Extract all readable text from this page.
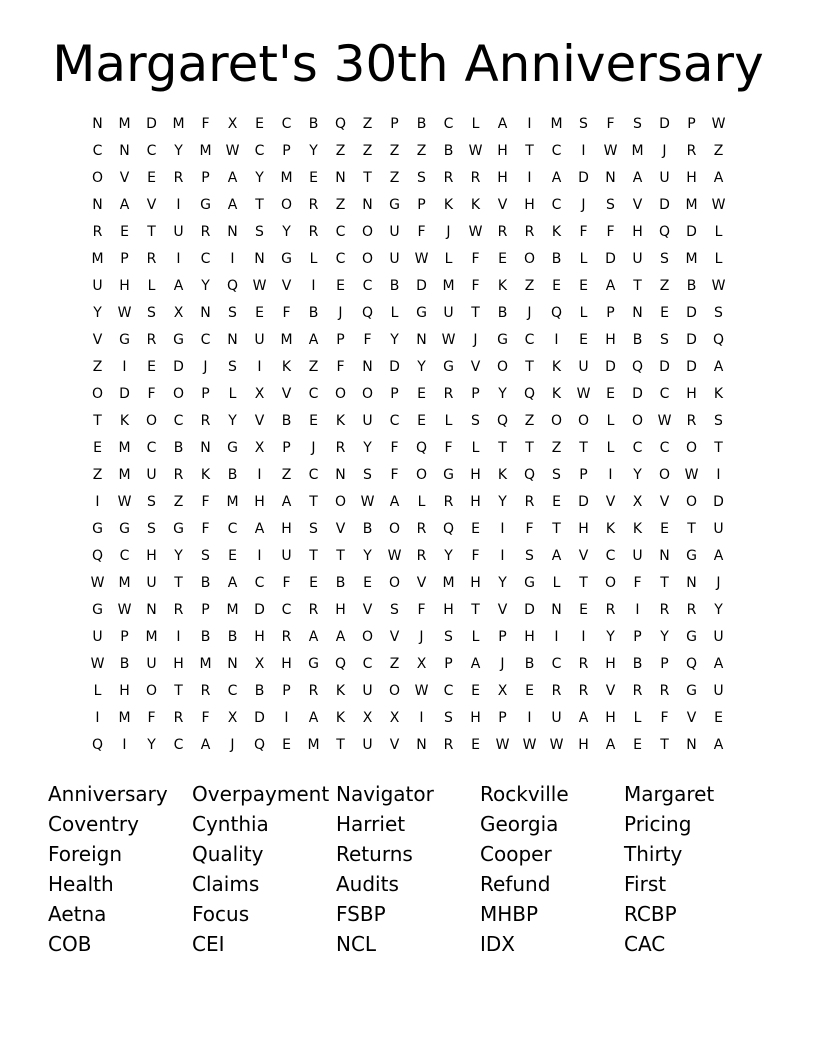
Margaret's 30th Anniversary
N	M	D	M	F	X	E	C	B	Q	Z	P	B	C	L	A	I	M	S	F	S	D	P	W
C	N	C	Y	M	W	C	P	Y	Z	Z	Z	Z	B	W	H	T	C	I	W	M	J	R	Z
O	V	E	R	P	A	Y	M	E	N	T	Z	S	R	R	H	I	A	D	N	A	U	H	A
N	A	V	I	G	A	T	O	R	Z	N	G	P	K	K	V	H	C	J	S	V	D	M	W
R	E	T	U	R	N	S	Y	R	C	O	U	F	J	W	R	R	K	F	F	H	Q	D	L
M	P	R	I	C	I	N	G	L	C	O	U	W	L	F	E	O	B	L	D	U	S	M	L
U	H	L	A	Y	Q	W	V	I	E	C	B	D	M	F	K	Z	E	E	A	T	Z	B	W
Y	W	S	X	N	S	E	F	B	J	Q	L	G	U	T	B	J	Q	L	P	N	E	D	S
V	G	R	G	C	N	U	M	A	P	F	Y	N	W	J	G	C	I	E	H	B	S	D	Q
Z	I	E	D	J	S	I	K	Z	F	N	D	Y	G	V	O	T	K	U	D	Q	D	D	A
O	D	F	O	P	L	X	V	C	O	O	P	E	R	P	Y	Q	K	W	E	D	C	H	K
T	K	O	C	R	Y	V	B	E	K	U	C	E	L	S	Q	Z	O	O	L	O	W	R	S
E	M	C	B	N	G	X	P	J	R	Y	F	Q	F	L	T	T	Z	T	L	C	C	O	T
Z	M	U	R	K	B	I	Z	C	N	S	F	O	G	H	K	Q	S	P	I	Y	O	W	I
I	W	S	Z	F	M	H	A	T	O	W	A	L	R	H	Y	R	E	D	V	X	V	O	D
G	G	S	G	F	C	A	H	S	V	B	O	R	Q	E	I	F	T	H	K	K	E	T	U
Q	C	H	Y	S	E	I	U	T	T	Y	W	R	Y	F	I	S	A	V	C	U	N	G	A
W	M	U	T	B	A	C	F	E	B	E	O	V	M	H	Y	G	L	T	O	F	T	N	J
G	W	N	R	P	M	D	C	R	H	V	S	F	H	T	V	D	N	E	R	I	R	R	Y
U	P	M	I	B	B	H	R	A	A	O	V	J	S	L	P	H	I	I	Y	P	Y	G	U
W	B	U	H	M	N	X	H	G	Q	C	Z	X	P	A	J	B	C	R	H	B	P	Q	A
L	H	O	T	R	C	B	P	R	K	U	O	W	C	E	X	E	R	R	V	R	R	G	U
I	M	F	R	F	X	D	I	A	K	X	X	I	S	H	P	I	U	A	H	L	F	V	E
Q	I	Y	C	A	J	Q	E	M	T	U	V	N	R	E	W W W	H	A	E	T	N	A
Anniversary Overpayment Navigator Rockville	Margaret
Coventry	Cynthia	Harriet	Georgia	Pricing
Foreign	Quality	Returns	Cooper	Thirty
Health	Claims	Audits	Refund	First
Aetna	Focus	FSBP	MHBP	RCBP
COB	CEI	NCL	IDX	CAC
